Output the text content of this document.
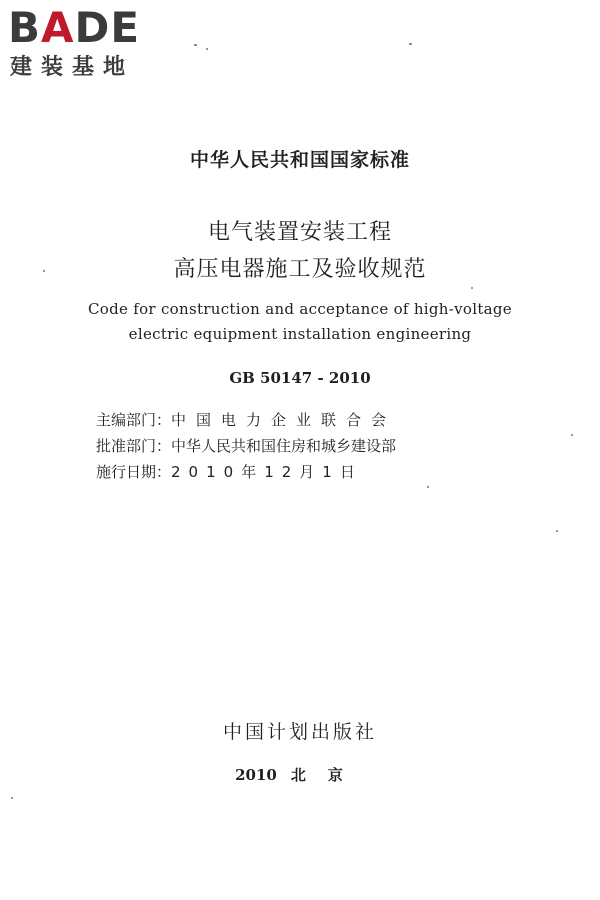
BADE
建装基地
中华人民共和国国家标准
电气装置安装工程
高压电器施工及验收规范
Code for construction and acceptance of high-voltage
electric equipment installation engineering
GB 50147 - 2010
主编部门：中国电力企业联合会
批准部门：中华人民共和国住房和城乡建设部
施行日期：2010年12月1日
中国计划出版社
2010 北京
